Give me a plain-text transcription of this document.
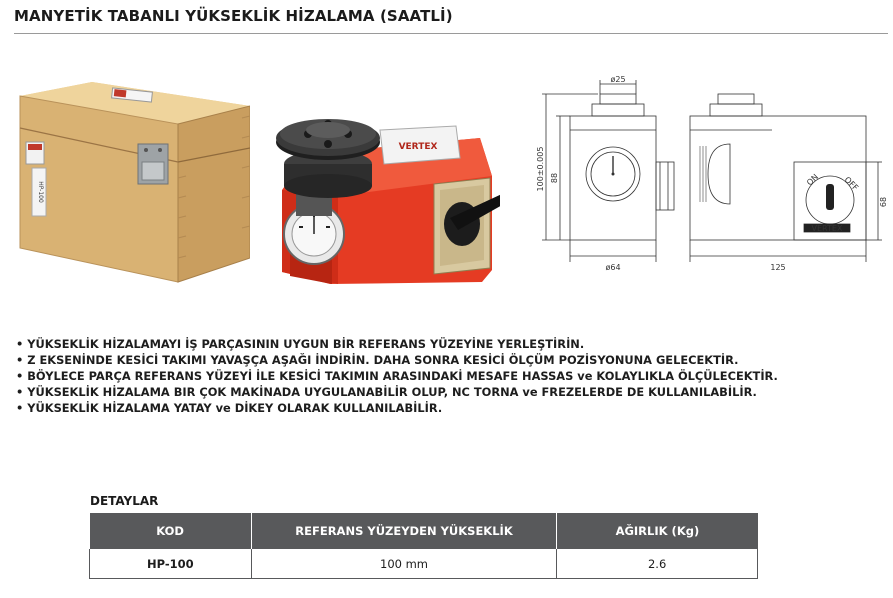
MANYETİK TABANLI YÜKSEKLİK HİZALAMA (SAATLİ)
HP-100
VERTEX
ø25
100±0.005 88
ø64
VERTEX
ON	OFF
68
125
• YÜKSEKLİK HİZALAMAYI İŞ PARÇASININ UYGUN BİR REFERANS YÜZEYİNE YERLEŞTİRİN.
• Z EKSENİNDE KESİCİ TAKIMI YAVAŞÇA AŞAĞI İNDİRİN. DAHA SONRA KESİCİ ÖLÇÜM POZİSYONUNA GELECEKTİR.
• BÖYLECE PARÇA REFERANS YÜZEYİ İLE KESİCİ TAKIMIN ARASINDAKİ MESAFE HASSAS ve KOLAYLIKLA ÖLÇÜLECEKTİR.
• YÜKSEKLİK HİZALAMA BIR ÇOK MAKİNADA UYGULANABİLİR OLUP, NC TORNA ve FREZELERDE DE KULLANILABİLİR.
• YÜKSEKLİK HİZALAMA YATAY ve DİKEY OLARAK KULLANILABİLİR.
DETAYLAR
KOD	REFERANS YÜZEYDEN YÜKSEKLİK	AĞIRLIK (Kg)
HP-100	100 mm	2.6
